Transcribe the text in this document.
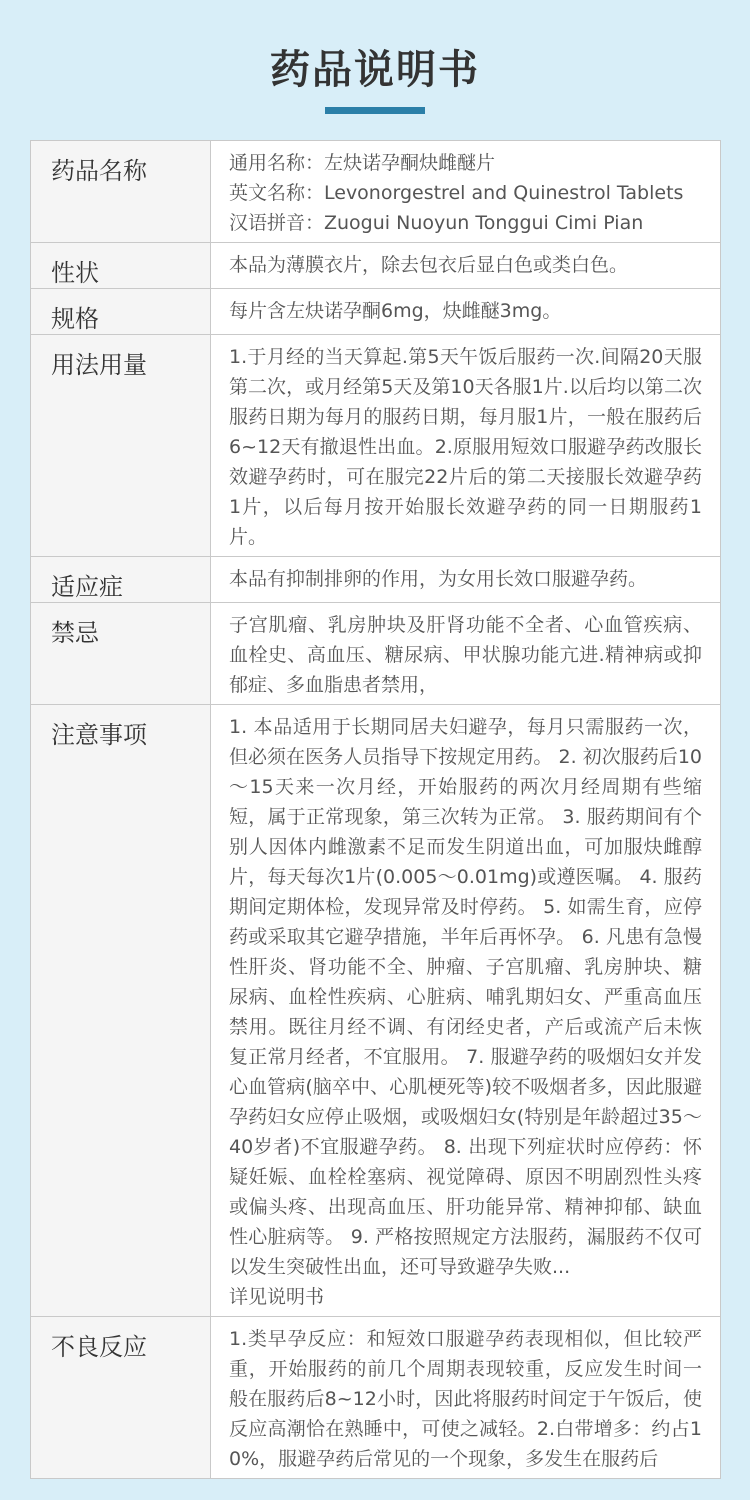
药品说明书
药品名称	通用名称：左炔诺孕酮炔雌醚片
英文名称：Levonorgestrel and Quinestrol Tablets
汉语拼音：Zuogui Nuoyun Tonggui Cimi Pian

性状	本品为薄膜衣片，除去包衣后显白色或类白色。

规格	每片含左炔诺孕酮6mg，炔雌醚3mg。

用法用量	1.于月经的当天算起.第5天午饭后服药一次.间隔20天服第二次，或月经第5天及第10天各服1片.以后均以第二次服药日期为每月的服药日期，每月服1片，一般在服药后6~12天有撤退性出血。2.原服用短效口服避孕药改服长效避孕药时，可在服完22片后的第二天接服长效避孕药1片，以后每月按开始服长效避孕药的同一日期服药1片。

适应症	本品有抑制排卵的作用，为女用长效口服避孕药。

禁忌	子宫肌瘤、乳房肿块及肝肾功能不全者、心血管疾病、血栓史、高血压、糖尿病、甲状腺功能亢进.精神病或抑郁症、多血脂患者禁用，

注意事项	1. 本品适用于长期同居夫妇避孕，每月只需服药一次，但必须在医务人员指导下按规定用药。 2. 初次服药后10～15天来一次月经，开始服药的两次月经周期有些缩短，属于正常现象，第三次转为正常。 3. 服药期间有个别人因体内雌激素不足而发生阴道出血，可加服炔雌醇片，每天每次1片(0.005～0.01mg)或遵医嘱。 4. 服药期间定期体检，发现异常及时停药。 5. 如需生育，应停药或采取其它避孕措施，半年后再怀孕。 6. 凡患有急慢性肝炎、肾功能不全、肿瘤、子宫肌瘤、乳房肿块、糖尿病、血栓性疾病、心脏病、哺乳期妇女、严重高血压禁用。既往月经不调、有闭经史者，产后或流产后未恢复正常月经者，不宜服用。 7. 服避孕药的吸烟妇女并发心血管病(脑卒中、心肌梗死等)较不吸烟者多，因此服避孕药妇女应停止吸烟，或吸烟妇女(特别是年龄超过35～40岁者)不宜服避孕药。 8. 出现下列症状时应停药：怀疑妊娠、血栓栓塞病、视觉障碍、原因不明剧烈性头疼或偏头疼、出现高血压、肝功能异常、精神抑郁、缺血性心脏病等。 9. 严格按照规定方法服药，漏服药不仅可以发生突破性出血，还可导致避孕失败...
详见说明书

不良反应	1.类早孕反应：和短效口服避孕药表现相似，但比较严重，开始服药的前几个周期表现较重，反应发生时间一般在服药后8~12小时，因此将服药时间定于午饭后，使反应高潮恰在熟睡中，可使之减轻。2.白带增多：约占10%，服避孕药后常见的一个现象，多发生在服药后
